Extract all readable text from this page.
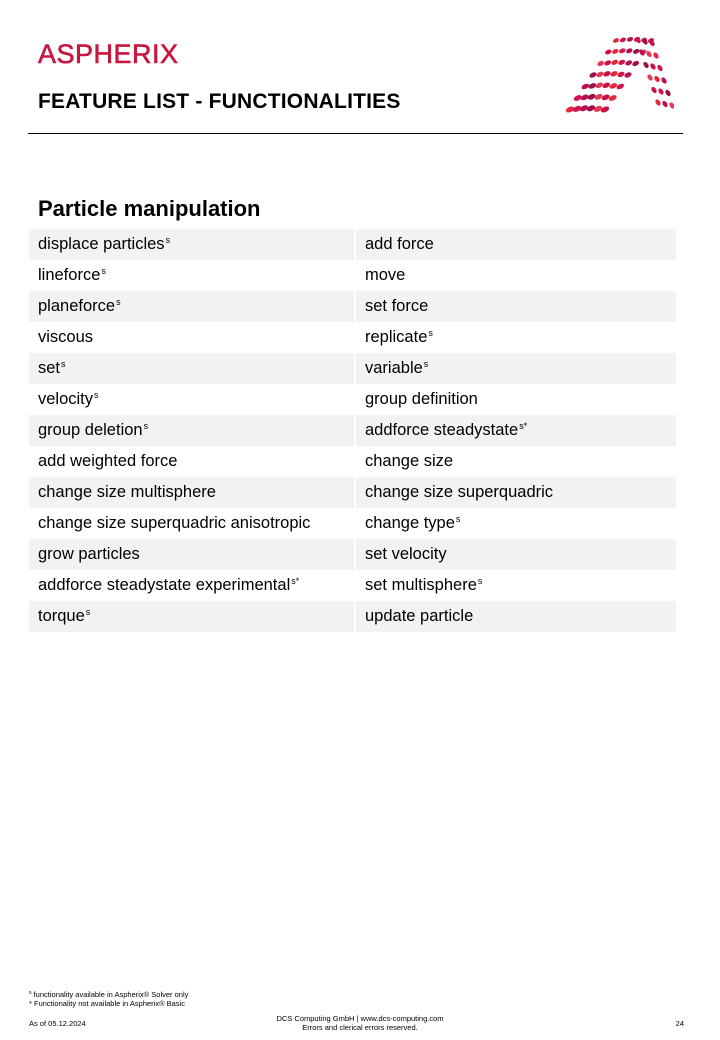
ASPHERIX
FEATURE LIST - FUNCTIONALITIES
Particle manipulation
displace particles$^s$	add force
lineforce$^s$	move
planeforce$^s$	set force
viscous	replicate$^s$
set$^s$	variable$^s$
velocity$^s$	group definition
group deletion$^s$	addforce steadystate$^{s*}$
add weighted force	change size
change size multisphere	change size superquadric
change size superquadric anisotropic	change type$^s$
grow particles	set velocity
addforce steadystate experimental$^{s*}$	set multisphere$^s$
torque$^s$	update particle
$^s$ functionality available in Aspherix® Solver only
* Functionality not available in Aspherix® Basic
As of 05.12.2024
DCS Computing GmbH | www.dcs-computing.com
Errors and clerical errors reserved.	24
